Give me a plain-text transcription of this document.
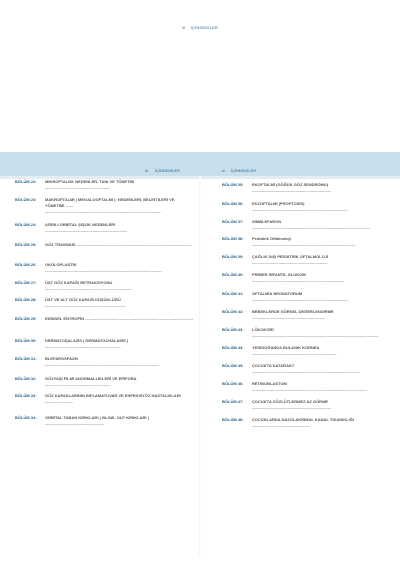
iii İÇİNDEKİLER
iii İÇİNDEKİLER	iv İÇİNDEKİLER
BÖLÜM 22:	MİKROFTALMİ: NEDENLER, TANI VE TÖNETİM ..........................................................
BÖLÜM 23:	MAKROFTALMİ ( MEGALOOFTALMİ ): NEDENLERİ, BELİRTİLERİ VE YÖNETİMİ .......
........................................................................................................
BÖLÜM 24:	AĞRILI ORBİTAL ŞİŞLİK NEDENLERİ ..........................................................................
BÖLÜM 25:	GÖZ TRAVMASI ........................................................................................................
BÖLÜM 26:	OKÜLOPLASTİK .........................................................................................................
BÖLÜM 27:	ÜST GÖZ KAPAĞI RETRAKSİYONU ..............................................................................
BÖLÜM 28:	ÜST VE ALT GÖZ KAPAĞI DÜŞÜKLÜĞÜ ........................................................................
BÖLÜM 29:	EDİNSEL ENTROPİN .................................................................................................
BÖLÜM 30:	DERMATOŞALAZİS ( DERMATOCHALASİS ) ....................................................................
BÖLÜM 31:	BLEFAROSPAZM .......................................................................................................
BÖLÜM 32:	GÖZYAŞI FİLMİ ANORMALLİKLERİ VE EPİFORA ...........................................................
BÖLÜM 33:	GÖZ KAPAKLARININ İNFLAMATUVAR VE ENFEKSİYÖZ HASTALIKLARI .........................
BÖLÜM 34:	ORBİTAL TABAN KIRIKLARI ( BLOW- OUT KIRIKLARI ) .....................................................
BÖLÜM 35:	EKOFTALMİ (GÖĞÜK GÖZ SENDROMU) .......................................................................
BÖLÜM 36:	EKZOFTALMİ (PROPTOSİS) ......................................................................................
BÖLÜM 37:	SİMBLEFARON ..........................................................................................................
BÖLÜM 38:	Pediatrik Oftalmoloji .............................................................................................
BÖLÜM 39:	ÇAĞLIK DIŞI PEDİATRİK OFTALMOLOJİ ....................................................................
BÖLÜM 40:	PRİMER İNFANTİL GLOKOM ...................................................................................
BÖLÜM 41:	OFTALMİA NEONATORUM .......................................................................................
BÖLÜM 42:	BEBEKLERDE GÖRSEL DEĞERLENDİRME ..................................................................
BÖLÜM 43:	LÖKOKORİ ..................................................................................................................
BÖLÜM 44:	YENİDOĞANDA BULANIK KORNEA ............................................................................
BÖLÜM 45:	ÇOCUKTA KATARAKT .................................................................................................
BÖLÜM 46:	RETİNOBLASTOM ........................................................................................................
BÖLÜM 47:	ÇOCUKTA GÖZLÜTLERMEZ AZ GÖRME .......................................................................
BÖLÜM 48:	ÇOCUKLARDA NAZOLAKRİMAL KANAL TIKANIKLIĞI ....................................................
